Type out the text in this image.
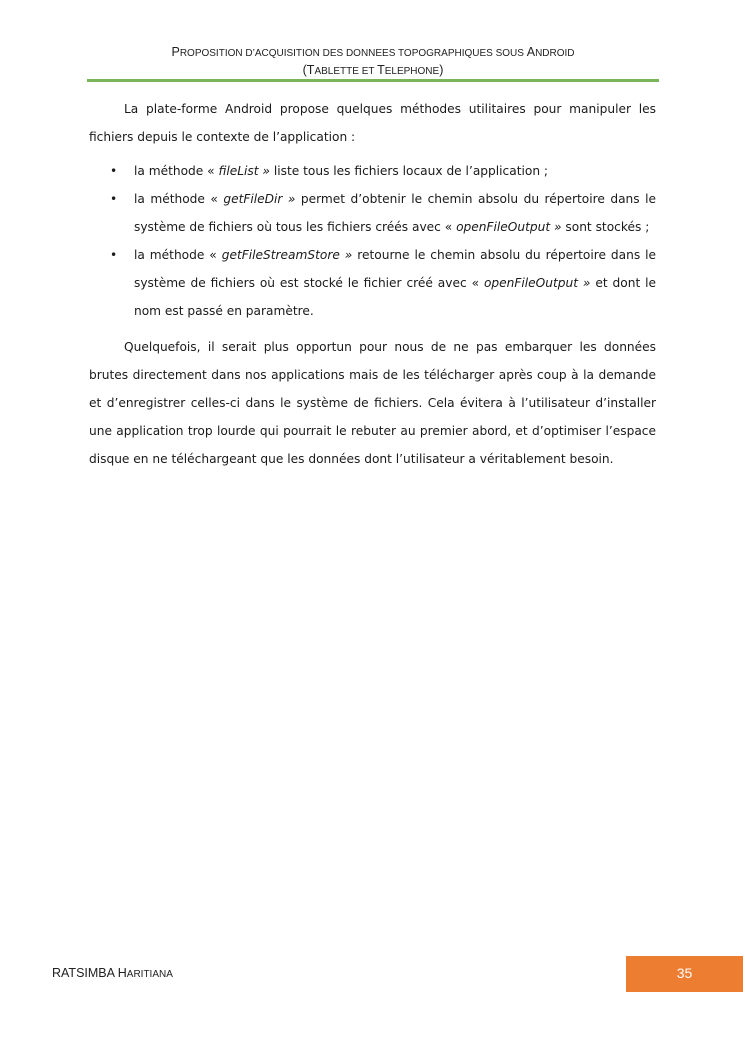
PROPOSITION D’ACQUISITION DES DONNEES TOPOGRAPHIQUES SOUS ANDROID
(TABLETTE ET TELEPHONE)

La plate-forme Android propose quelques méthodes utilitaires pour manipuler les fichiers depuis le contexte de l’application :

• la méthode « fileList » liste tous les fichiers locaux de l’application ;
• la méthode « getFileDir » permet d’obtenir le chemin absolu du répertoire dans le système de fichiers où tous les fichiers créés avec « openFileOutput » sont stockés ;
• la méthode « getFileStreamStore » retourne le chemin absolu du répertoire dans le système de fichiers où est stocké le fichier créé avec « openFileOutput » et dont le nom est passé en paramètre.

Quelquefois, il serait plus opportun pour nous de ne pas embarquer les données brutes directement dans nos applications mais de les télécharger après coup à la demande et d’enregistrer celles-ci dans le système de fichiers. Cela évitera à l’utilisateur d’installer une application trop lourde qui pourrait le rebuter au premier abord, et d’optimiser l’espace disque en ne téléchargeant que les données dont l’utilisateur a véritablement besoin.

RATSIMBA HARITIANA	35
